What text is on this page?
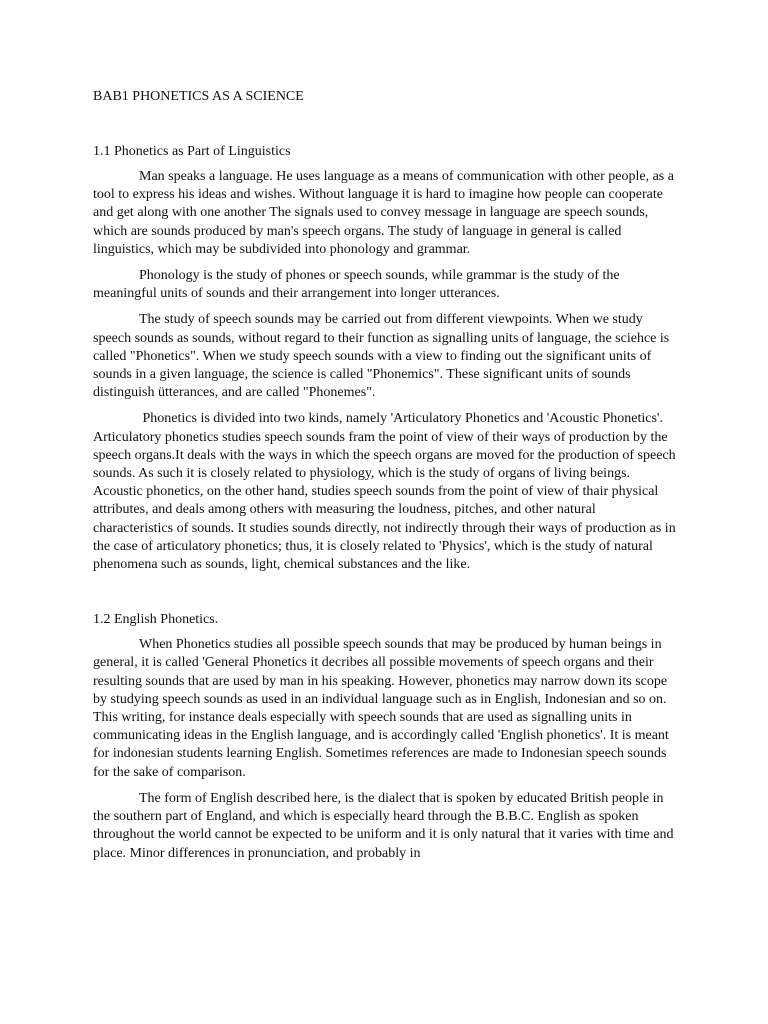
BAB1 PHONETICS AS A SCIENCE
1.1 Phonetics as Part of Linguistics

Man speaks a language. He uses language as a means of communication with other people, as a tool to express his ideas and wishes. Without language it is hard to imagine how people can cooperate and get along with one another The signals used to convey message in language are speech sounds, which are sounds produced by man's speech organs. The study of language in general is called linguistics, which may be subdivided into phonology and grammar.

Phonology is the study of phones or speech sounds, while grammar is the study of the meaningful units of sounds and their arrangement into longer utterances.

The study of speech sounds may be carried out from different viewpoints. When we study speech sounds as sounds, without regard to their function as signalling units of language, the sciehce is called "Phonetics". When we study speech sounds with a view to finding out the significant units of sounds in a given language, the science is called "Phonemics". These significant units of sounds distinguish ütterances, and are called "Phonemes".

Phonetics is divided into two kinds, namely 'Articulatory Phonetics and 'Acoustic Phonetics'. Articulatory phonetics studies speech sounds fram the point of view of their ways of production by the speech organs.It deals with the ways in which the speech organs are moved for the production of speech sounds. As such it is closely related to physiology, which is the study of organs of living beings. Acoustic phonetics, on the other hand, studies speech sounds from the point of view of thair physical attributes, and deals among others with measuring the loudness, pitches, and other natural characteristics of sounds. It studies sounds directly, not indirectly through their ways of production as in the case of articulatory phonetics; thus, it is closely related to 'Physics', which is the study of natural phenomena such as sounds, light, chemical substances and the like.

1.2 English Phonetics.

When Phonetics studies all possible speech sounds that may be produced by human beings in general, it is called 'General Phonetics it decribes all possible movements of speech organs and their resulting sounds that are used by man in his speaking. However, phonetics may narrow down its scope by studying speech sounds as used in an individual language such as in English, Indonesian and so on. This writing, for instance deals especially with speech sounds that are used as signalling units in communicating ideas in the English language, and is accordingly called 'English phonetics'. It is meant for indonesian students learning English. Sometimes references are made to Indonesian speech sounds for the sake of comparison.

The form of English described here, is the dialect that is spoken by educated British people in the southern part of England, and which is especially heard through the B.B.C. English as spoken throughout the world cannot be expected to be uniform and it is only natural that it varies with time and place. Minor differences in pronunciation, and probably in
